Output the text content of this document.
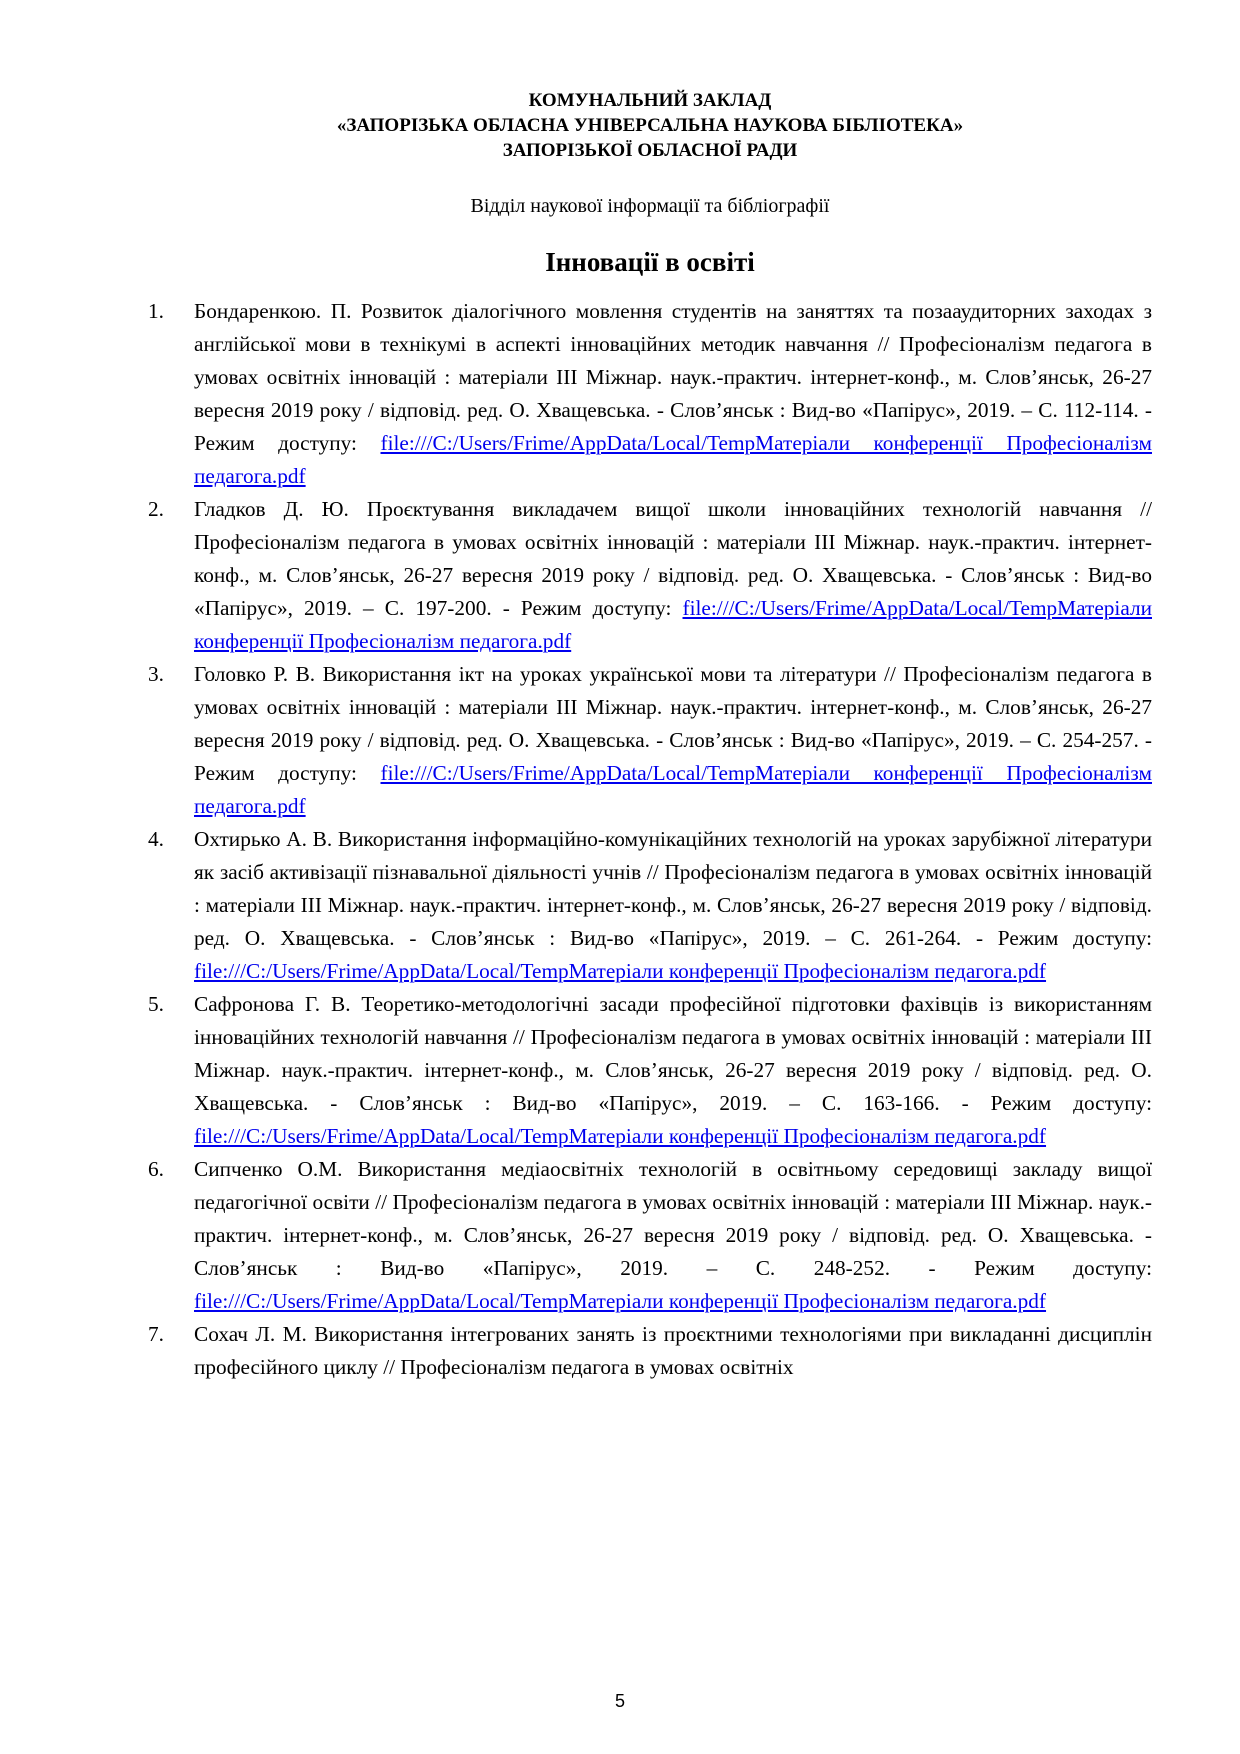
КОМУНАЛЬНИЙ ЗАКЛАД
«ЗАПОРІЗЬКА ОБЛАСНА УНІВЕРСАЛЬНА НАУКОВА БІБЛІОТЕКА»
ЗАПОРІЗЬКОЇ ОБЛАСНОЇ РАДИ
Відділ наукової інформації та бібліографії
Інновації в освіті
1. Бондаренкою. П. Розвиток діалогічного мовлення студентів на заняттях та позааудиторних заходах з англійської мови в технікумі в аспекті інноваційних методик навчання // Професіоналізм педагога в умовах освітніх інновацій : матеріали ІІІ Міжнар. наук.-практич. інтернет-конф., м. Слов’янськ, 26-27 вересня 2019 року / відповід. ред. О. Хващевська. - Слов’янськ : Вид-во «Папірус», 2019. – С. 112-114. - Режим доступу: file:///C:/Users/Frime/AppData/Local/TempМатеріали конференції Професіоналізм педагога.pdf
2. Гладков Д. Ю. Проєктування викладачем вищої школи інноваційних технологій навчання // Професіоналізм педагога в умовах освітніх інновацій : матеріали ІІІ Міжнар. наук.-практич. інтернет-конф., м. Слов’янськ, 26-27 вересня 2019 року / відповід. ред. О. Хващевська. - Слов’янськ : Вид-во «Папірус», 2019. – С. 197-200. - Режим доступу: file:///C:/Users/Frime/AppData/Local/TempМатеріали конференції Професіоналізм педагога.pdf
3. Головко Р. В. Використання ікт на уроках української мови та літератури // Професіоналізм педагога в умовах освітніх інновацій : матеріали ІІІ Міжнар. наук.-практич. інтернет-конф., м. Слов’янськ, 26-27 вересня 2019 року / відповід. ред. О. Хващевська. - Слов’янськ : Вид-во «Папірус», 2019. – С. 254-257. - Режим доступу: file:///C:/Users/Frime/AppData/Local/TempМатеріали конференції Професіоналізм педагога.pdf
4. Охтирько А. В. Використання інформаційно-комунікаційних технологій на уроках зарубіжної літератури як засіб активізації пізнавальної діяльності учнів // Професіоналізм педагога в умовах освітніх інновацій : матеріали ІІІ Міжнар. наук.-практич. інтернет-конф., м. Слов’янськ, 26-27 вересня 2019 року / відповід. ред. О. Хващевська. - Слов’янськ : Вид-во «Папірус», 2019. – С. 261-264. - Режим доступу: file:///C:/Users/Frime/AppData/Local/TempМатеріали конференції Професіоналізм педагога.pdf
5. Сафронова Г. В. Теоретико-методологічні засади професійної підготовки фахівців із використанням інноваційних технологій навчання // Професіоналізм педагога в умовах освітніх інновацій : матеріали ІІІ Міжнар. наук.-практич. інтернет-конф., м. Слов’янськ, 26-27 вересня 2019 року / відповід. ред. О. Хващевська. - Слов’янськ : Вид-во «Папірус», 2019. – С. 163-166. - Режим доступу: file:///C:/Users/Frime/AppData/Local/TempМатеріали конференції Професіоналізм педагога.pdf
6. Сипченко О.М. Використання медіаосвітніх технологій в освітньому середовищі закладу вищої педагогічної освіти // Професіоналізм педагога в умовах освітніх інновацій : матеріали ІІІ Міжнар. наук.-практич. інтернет-конф., м. Слов’янськ, 26-27 вересня 2019 року / відповід. ред. О. Хващевська. - Слов’янськ : Вид-во «Папірус», 2019. – С. 248-252. - Режим доступу: file:///C:/Users/Frime/AppData/Local/TempМатеріали конференції Професіоналізм педагога.pdf
7. Сохач Л. М. Використання інтегрованих занять із проєктними технологіями при викладанні дисциплін професійного циклу // Професіоналізм педагога в умовах освітніх
5
